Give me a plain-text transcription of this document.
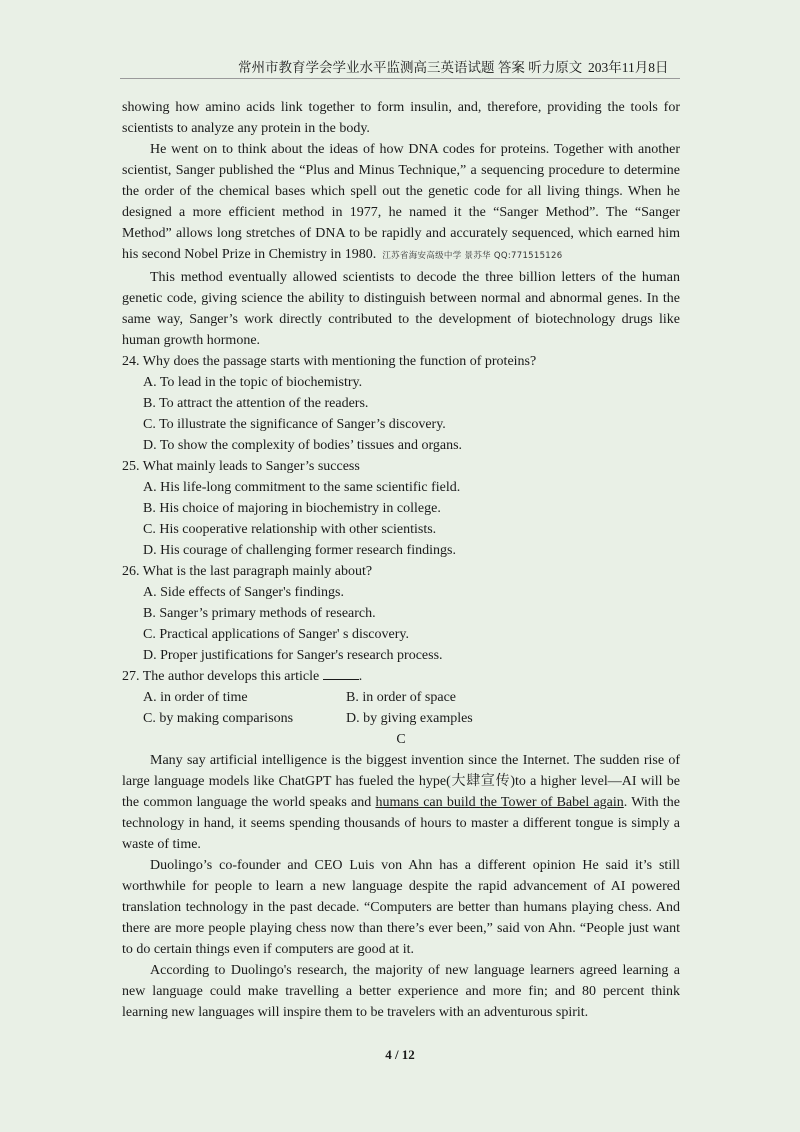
常州市教育学会学业水平监测高三英语试题 答案 听力原文 203年11月8日

showing how amino acids link together to form insulin, and, therefore, providing the tools for scientists to analyze any protein in the body.

He went on to think about the ideas of how DNA codes for proteins. Together with another scientist, Sanger published the “Plus and Minus Technique,” a sequencing procedure to determine the order of the chemical bases which spell out the genetic code for all living things. When he designed a more efficient method in 1977, he named it the “Sanger Method”. The “Sanger Method” allows long stretches of DNA to be rapidly and accurately sequenced, which earned him his second Nobel Prize in Chemistry in 1980. 江苏省海安高级中学 景苏华 QQ:771515126

This method eventually allowed scientists to decode the three billion letters of the human genetic code, giving science the ability to distinguish between normal and abnormal genes. In the same way, Sanger’s work directly contributed to the development of biotechnology drugs like human growth hormone.

24. Why does the passage starts with mentioning the function of proteins?

A. To lead in the topic of biochemistry.

B. To attract the attention of the readers.

C. To illustrate the significance of Sanger’s discovery.

D. To show the complexity of bodies’ tissues and organs.

25. What mainly leads to Sanger’s success

A. His life-long commitment to the same scientific field.

B. His choice of majoring in biochemistry in college.

C. His cooperative relationship with other scientists.

D. His courage of challenging former research findings.

26. What is the last paragraph mainly about?

A. Side effects of Sanger's findings.

B. Sanger’s primary methods of research.

C. Practical applications of Sanger' s discovery.

D. Proper justifications for Sanger's research process.

27. The author develops this article	.

A. in order of time	B. in order of space
C. by making comparisons	D. by giving examples

C

Many say artificial intelligence is the biggest invention since the Internet. The sudden rise of large language models like ChatGPT has fueled the hype(大肆宣传)to a higher level—AI will be the common language the world speaks and humans can build the Tower of Babel again. With the technology in hand, it seems spending thousands of hours to master a different tongue is simply a waste of time.

Duolingo’s co-founder and CEO Luis von Ahn has a different opinion He said it’s still worthwhile for people to learn a new language despite the rapid advancement of AI powered translation technology in the past decade. “Computers are better than humans playing chess. And there are more people playing chess now than there’s ever been,” said von Ahn. “People just want to do certain things even if computers are good at it.

According to Duolingo's research, the majority of new language learners agreed learning a new language could make travelling a better experience and more fin; and 80 percent think learning new languages will inspire them to be travelers with an adventurous spirit.

4 / 12
